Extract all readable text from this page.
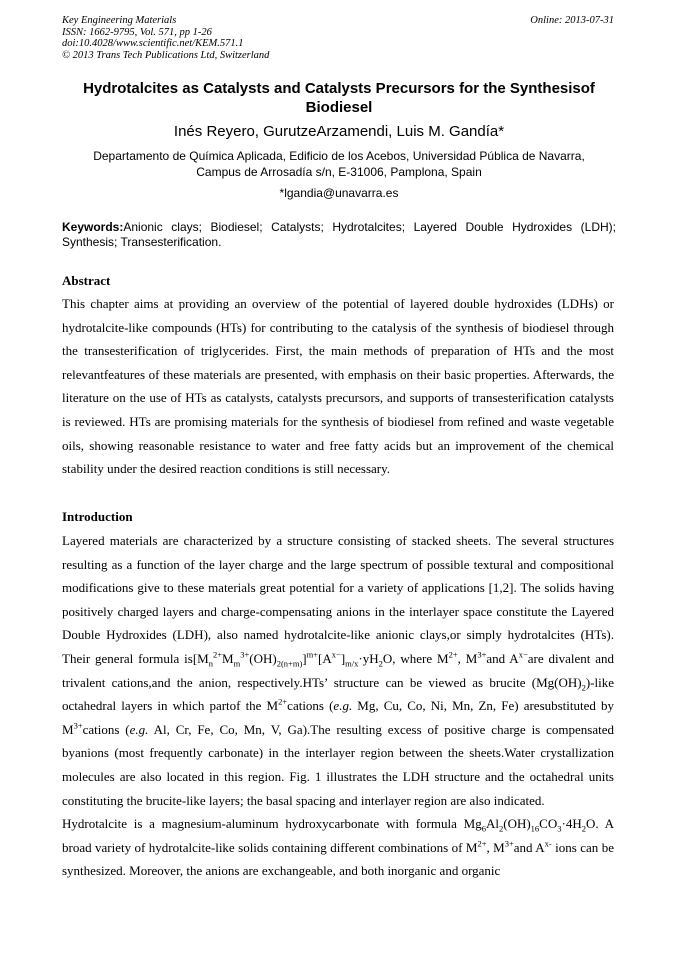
Key Engineering Materials
ISSN: 1662-9795, Vol. 571, pp 1-26
doi:10.4028/www.scientific.net/KEM.571.1
© 2013 Trans Tech Publications Ltd, Switzerland
Online: 2013-07-31
Hydrotalcites as Catalysts and Catalysts Precursors for the Synthesisof Biodiesel
Inés Reyero, GurutzeArzamendi, Luis M. Gandía*
Departamento de Química Aplicada, Edificio de los Acebos, Universidad Pública de Navarra,
Campus de Arrosadía s/n, E-31006, Pamplona, Spain
*lgandia@unavarra.es
Keywords:Anionic clays; Biodiesel; Catalysts; Hydrotalcites; Layered Double Hydroxides (LDH); Synthesis; Transesterification.
Abstract

This chapter aims at providing an overview of the potential of layered double hydroxides (LDHs) or hydrotalcite-like compounds (HTs) for contributing to the catalysis of the synthesis of biodiesel through the transesterification of triglycerides. First, the main methods of preparation of HTs and the most relevantfeatures of these materials are presented, with emphasis on their basic properties. Afterwards, the literature on the use of HTs as catalysts, catalysts precursors, and supports of transesterification catalysts is reviewed. HTs are promising materials for the synthesis of biodiesel from refined and waste vegetable oils, showing reasonable resistance to water and free fatty acids but an improvement of the chemical stability under the desired reaction conditions is still necessary.

Introduction

Layered materials are characterized by a structure consisting of stacked sheets. The several structures resulting as a function of the layer charge and the large spectrum of possible textural and compositional modifications give to these materials great potential for a variety of applications [1,2]. The solids having positively charged layers and charge-compensating anions in the interlayer space constitute the Layered Double Hydroxides (LDH), also named hydrotalcite-like anionic clays,or simply hydrotalcites (HTs). Their general formula $is[M_n^{2+}M_m^{3+}(OH)_{2(n+m)}]^{m+}[A^{x-}]_{m/x}\cdot yH_2O$, where $M^{2+}$, $M^{3+}and$ $A^{x-}are$ divalent and trivalent cations,and the anion, respectively.HTs’ structure can be viewed as brucite $(Mg(OH)_2)$-like octahedral layers in which partof the $M^{2+}cations$ (e.g. Mg, Cu, Co, Ni, Mn, Zn, Fe) aresubstituted by $M^{3+}cations$ (e.g. Al, Cr, Fe, Co, Mn, V, Ga).The resulting excess of positive charge is compensated byanions (most frequently carbonate) in the interlayer region between the sheets.Water crystallization molecules are also located in this region. Fig. 1 illustrates the LDH structure and the octahedral units constituting the brucite-like layers; the basal spacing and interlayer region are also indicated.

Hydrotalcite is a magnesium-aluminum hydroxycarbonate with formula $Mg_6Al_2(OH)_{16}CO_3\cdot 4H_2O$. A broad variety of hydrotalcite-like solids containing different combinations of $M^{2+}$, $M^{3+}and$ $A^{x-}$ ions can be synthesized. Moreover, the anions are exchangeable, and both inorganic and organic
